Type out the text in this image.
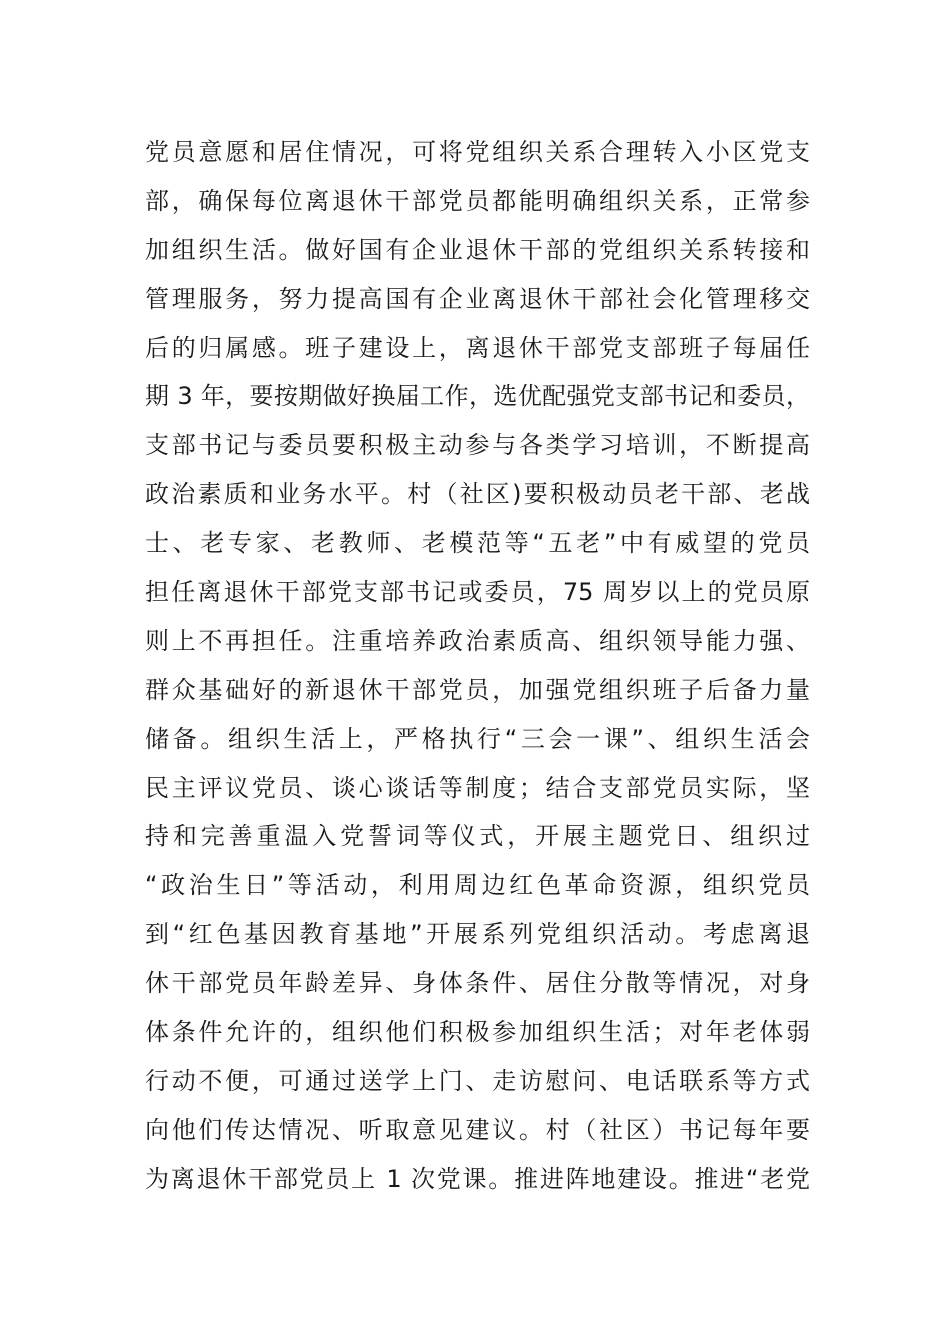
党员意愿和居住情况，可将党组织关系合理转入小区党支
部，确保每位离退休干部党员都能明确组织关系，正常参
加组织生活。做好国有企业退休干部的党组织关系转接和
管理服务，努力提高国有企业离退休干部社会化管理移交
后的归属感。班子建设上，离退休干部党支部班子每届任
期 3 年，要按期做好换届工作，选优配强党支部书记和委员，
支部书记与委员要积极主动参与各类学习培训，不断提高
政治素质和业务水平。村（社区)要积极动员老干部、老战
士、老专家、老教师、老模范等“五老”中有威望的党员
担任离退休干部党支部书记或委员，75 周岁以上的党员原
则上不再担任。注重培养政治素质高、组织领导能力强、
群众基础好的新退休干部党员，加强党组织班子后备力量
储备。组织生活上，严格执行“三会一课”、组织生活会
民主评议党员、谈心谈话等制度；结合支部党员实际，坚
持和完善重温入党誓词等仪式，开展主题党日、组织过
“政治生日”等活动，利用周边红色革命资源，组织党员
到“红色基因教育基地”开展系列党组织活动。考虑离退
休干部党员年龄差异、身体条件、居住分散等情况，对身
体条件允许的，组织他们积极参加组织生活；对年老体弱
行动不便，可通过送学上门、走访慰问、电话联系等方式
向他们传达情况、听取意见建议。村（社区）书记每年要
为离退休干部党员上 1 次党课。推进阵地建设。推进“老党
